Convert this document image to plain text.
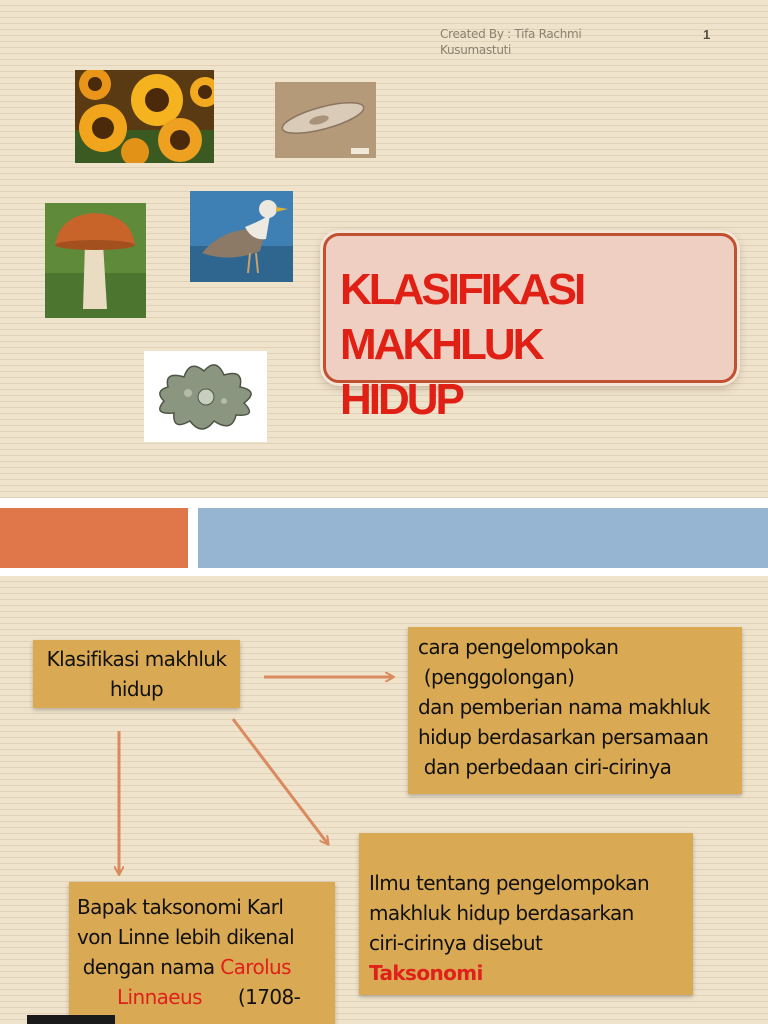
Created By : Tifa Rachmi
Kusumastuti
1
KLASIFIKASI
MAKHLUK
HIDUP
Klasifikasi makhluk
hidup
cara pengelompokan
(penggolongan)
dan pemberian nama makhluk
hidup berdasarkan persamaan
dan perbedaan ciri-cirinya
Ilmu tentang pengelompokan
makhluk hidup berdasarkan
ciri-cirinya disebut
Taksonomi
Bapak taksonomi Karl
von Linne lebih dikenal
dengan nama Carolus
Linnaeus (1708-
